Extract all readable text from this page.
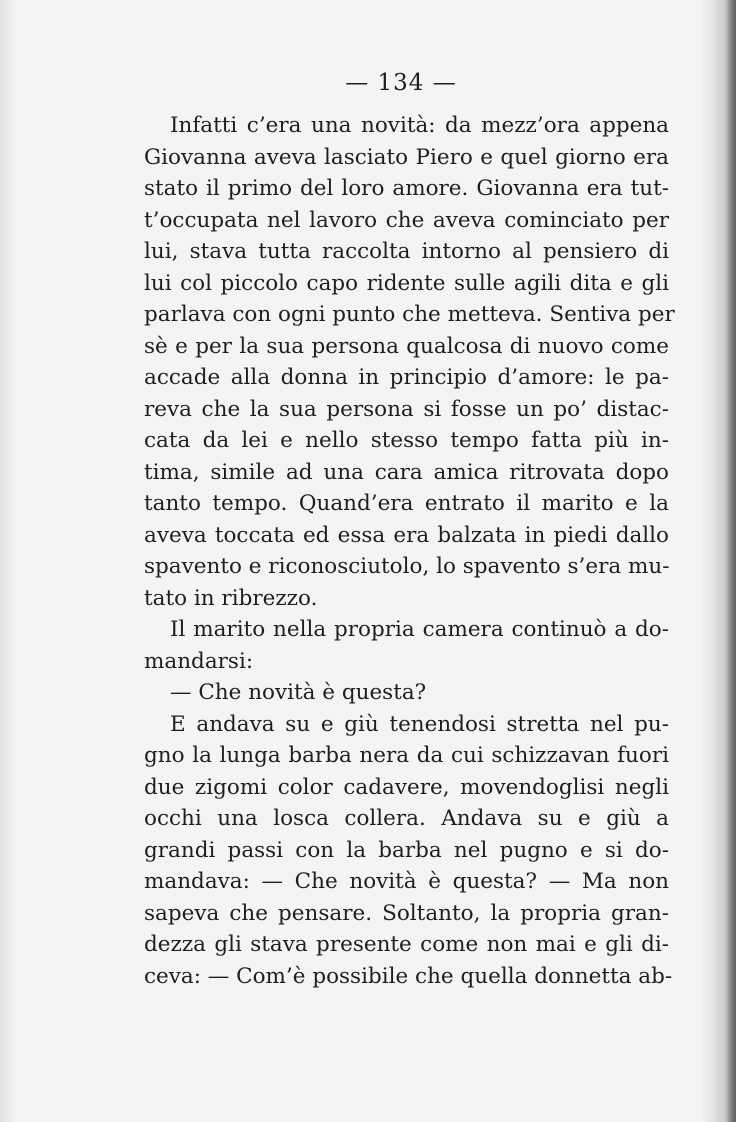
— 134 —
Infatti c’era una novità: da mezz’ora appena
Giovanna aveva lasciato Piero e quel giorno era
stato il primo del loro amore. Giovanna era tut-
t’occupata nel lavoro che aveva cominciato per
lui, stava tutta raccolta intorno al pensiero di
lui col piccolo capo ridente sulle agili dita e gli
parlava con ogni punto che metteva. Sentiva per
sè e per la sua persona qualcosa di nuovo come
accade alla donna in principio d’amore: le pa-
reva che la sua persona si fosse un po’ distac-
cata da lei e nello stesso tempo fatta più in-
tima, simile ad una cara amica ritrovata dopo
tanto tempo. Quand’era entrato il marito e la
aveva toccata ed essa era balzata in piedi dallo
spavento e riconosciutolo, lo spavento s’era mu-
tato in ribrezzo.
Il marito nella propria camera continuò a do-
mandarsi:
— Che novità è questa?
E andava su e giù tenendosi stretta nel pu-
gno la lunga barba nera da cui schizzavan fuori
due zigomi color cadavere, movendoglisi negli
occhi una losca collera. Andava su e giù a
grandi passi con la barba nel pugno e si do-
mandava: — Che novità è questa? — Ma non
sapeva che pensare. Soltanto, la propria gran-
dezza gli stava presente come non mai e gli di-
ceva: — Com’è possibile che quella donnetta ab-
